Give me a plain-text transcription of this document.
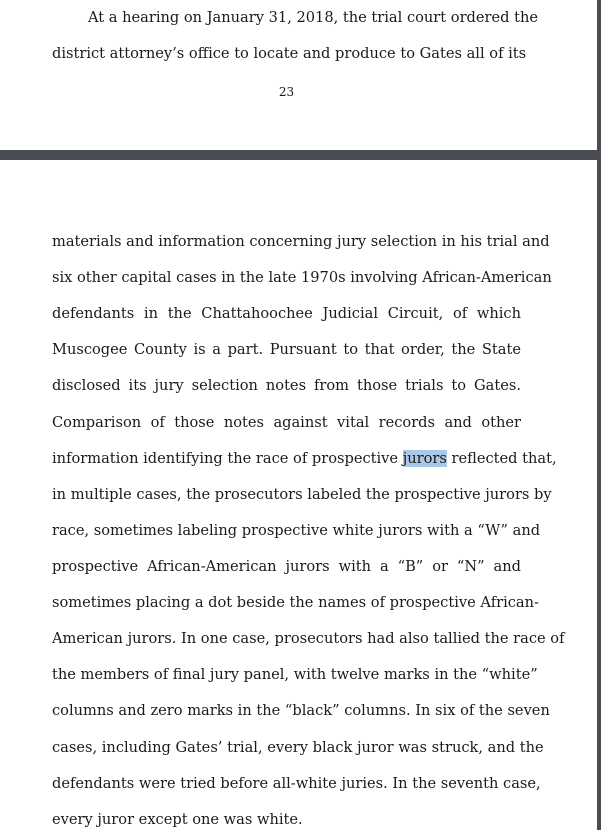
At a hearing on January 31, 2018, the trial court ordered the
district attorney’s office to locate and produce to Gates all of its
23
materials and information concerning jury selection in his trial and
six other capital cases in the late 1970s involving African-American
defendants in the Chattahoochee Judicial Circuit, of which
Muscogee County is a part. Pursuant to that order, the State
disclosed its jury selection notes from those trials to Gates.
Comparison of those notes against vital records and other
information identifying the race of prospective jurors reflected that,
in multiple cases, the prosecutors labeled the prospective jurors by
race, sometimes labeling prospective white jurors with a “W” and
prospective African-American jurors with a “B” or “N” and
sometimes placing a dot beside the names of prospective African-
American jurors. In one case, prosecutors had also tallied the race of
the members of final jury panel, with twelve marks in the “white”
columns and zero marks in the “black” columns. In six of the seven
cases, including Gates’ trial, every black juror was struck, and the
defendants were tried before all-white juries. In the seventh case,
every juror except one was white.
